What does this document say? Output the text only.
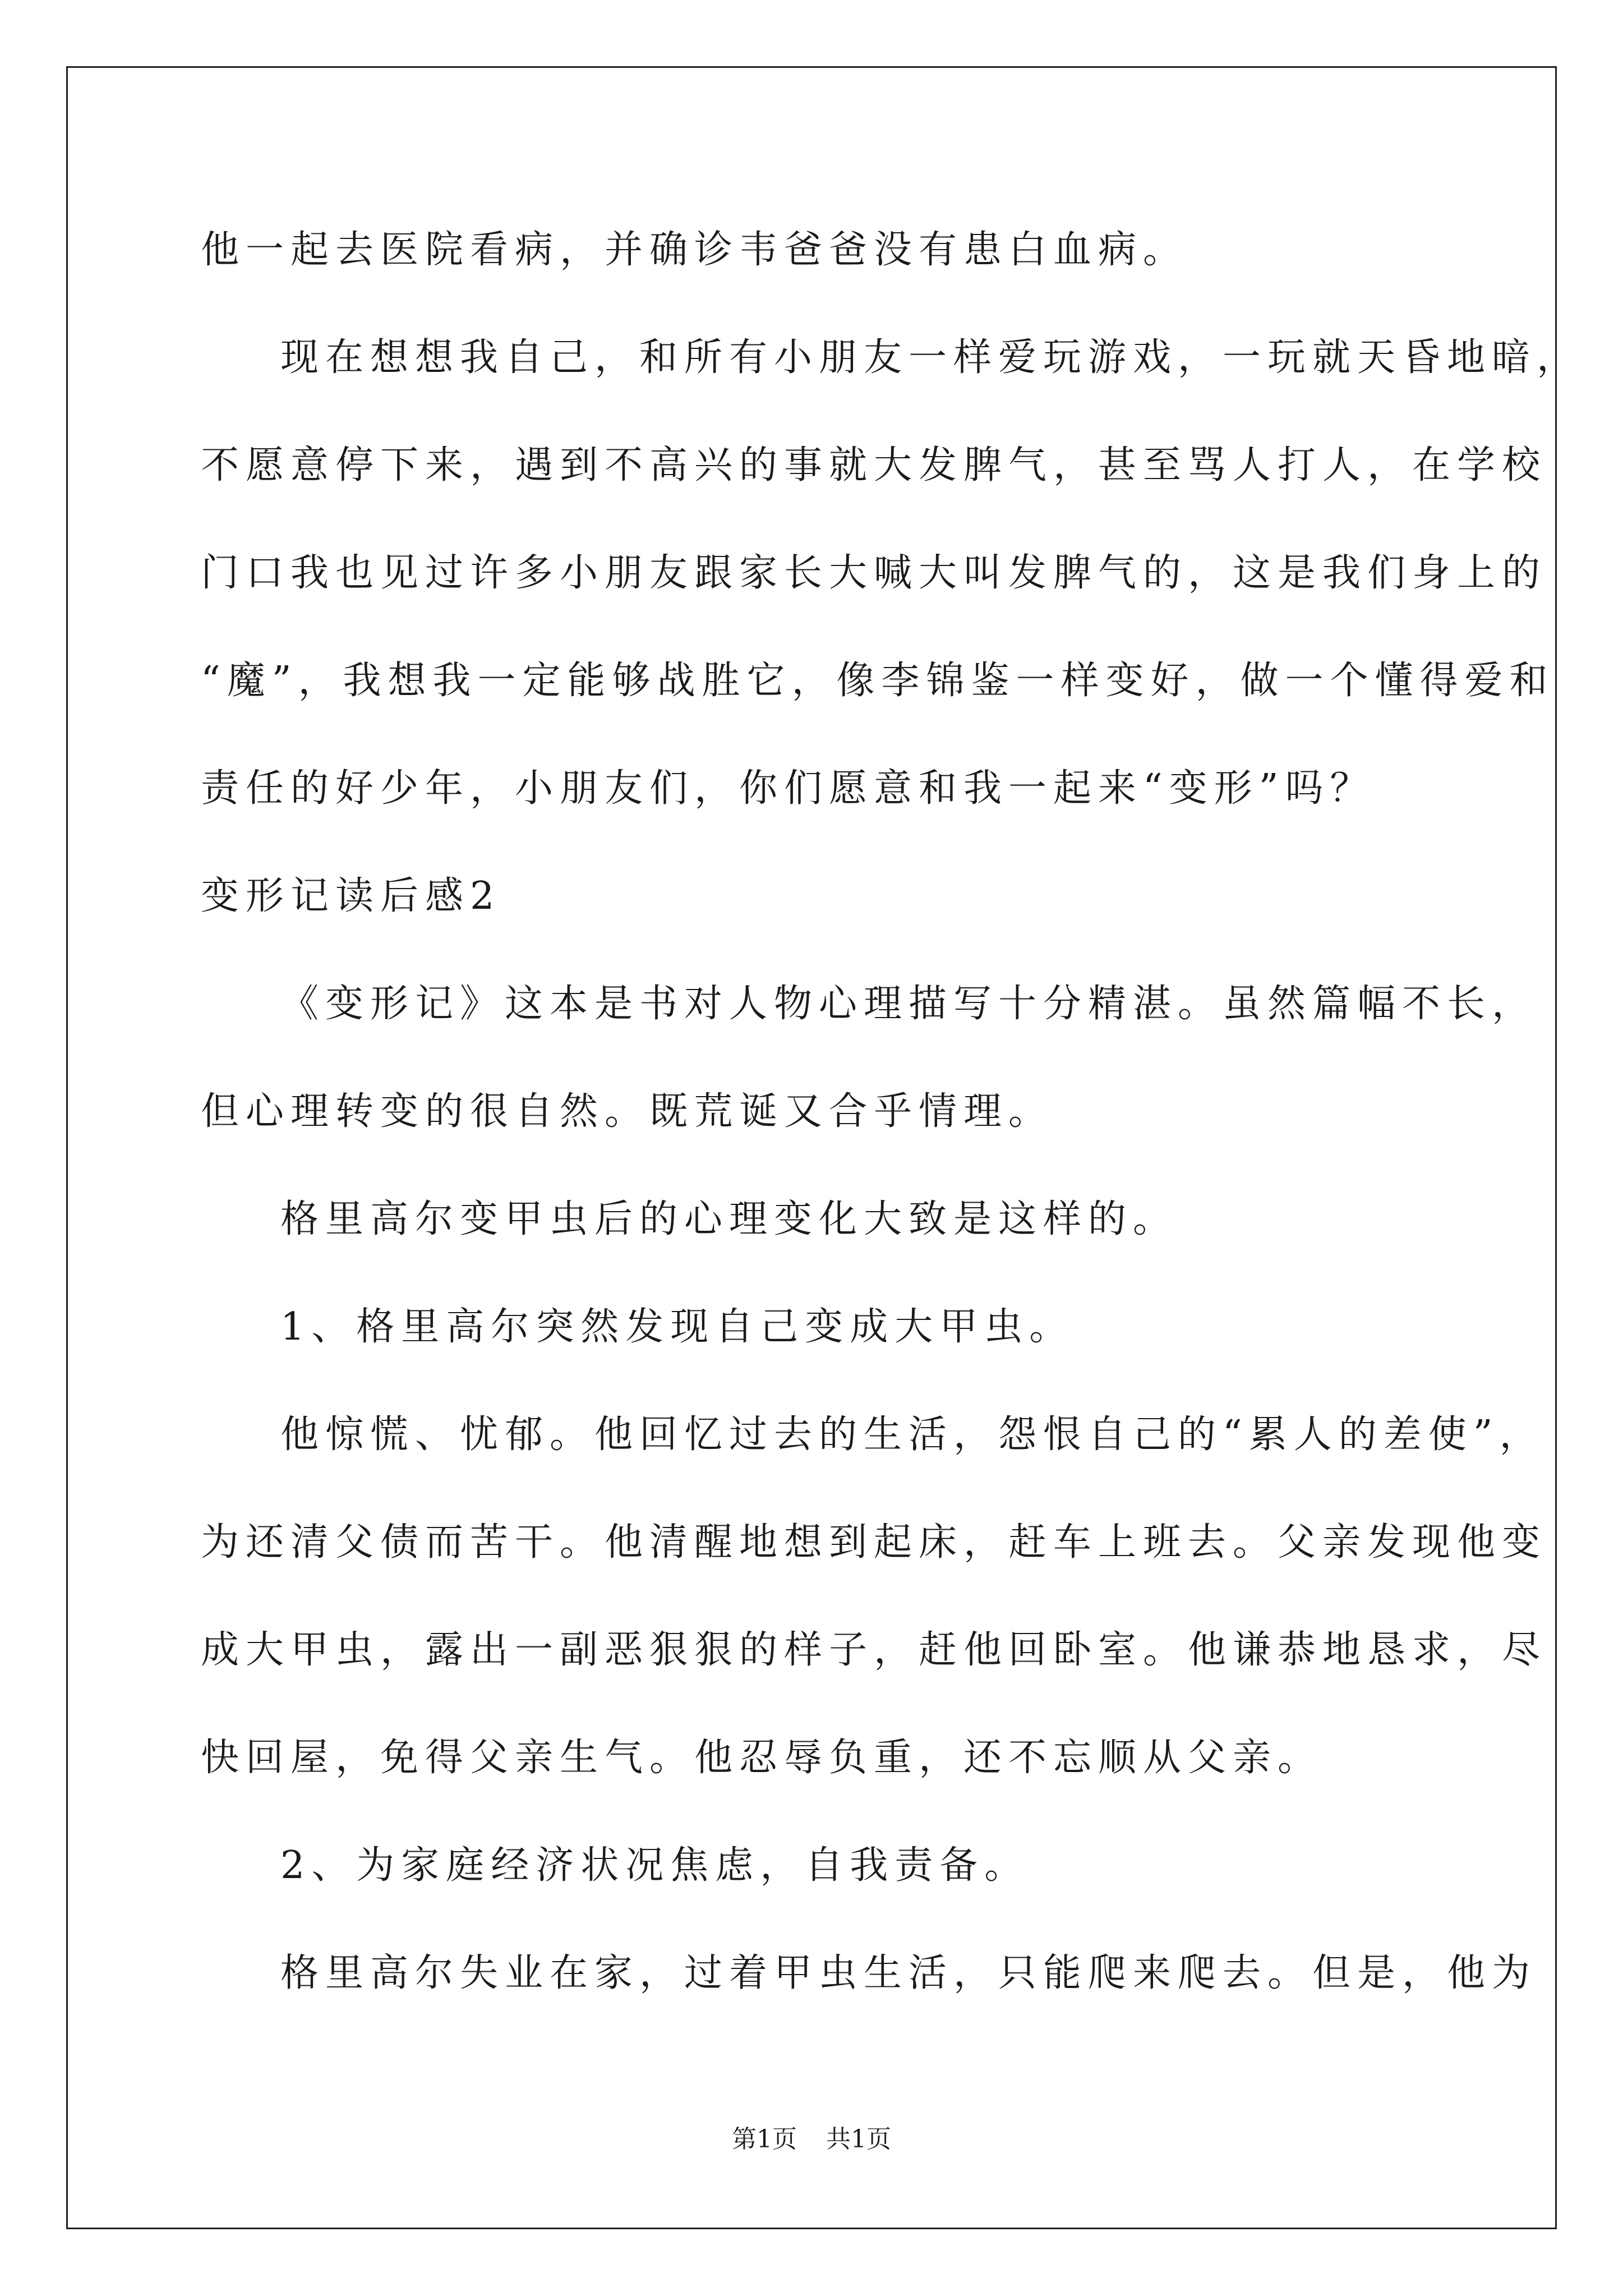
他一起去医院看病，并确诊韦爸爸没有患白血病。
现在想想我自己，和所有小朋友一样爱玩游戏，一玩就天昏地暗，
不愿意停下来，遇到不高兴的事就大发脾气，甚至骂人打人，在学校
门口我也见过许多小朋友跟家长大喊大叫发脾气的，这是我们身上的
“魔”，我想我一定能够战胜它，像李锦鉴一样变好，做一个懂得爱和
责任的好少年，小朋友们，你们愿意和我一起来“变形”吗？
变形记读后感2
《变形记》这本是书对人物心理描写十分精湛。虽然篇幅不长，
但心理转变的很自然。既荒诞又合乎情理。
格里高尔变甲虫后的心理变化大致是这样的。
1、格里高尔突然发现自己变成大甲虫。
他惊慌、忧郁。他回忆过去的生活，怨恨自己的“累人的差使”，
为还清父债而苦干。他清醒地想到起床，赶车上班去。父亲发现他变
成大甲虫，露出一副恶狠狠的样子，赶他回卧室。他谦恭地恳求，尽
快回屋，免得父亲生气。他忍辱负重，还不忘顺从父亲。
2、为家庭经济状况焦虑，自我责备。
格里高尔失业在家，过着甲虫生活，只能爬来爬去。但是，他为
第1页 共1页
